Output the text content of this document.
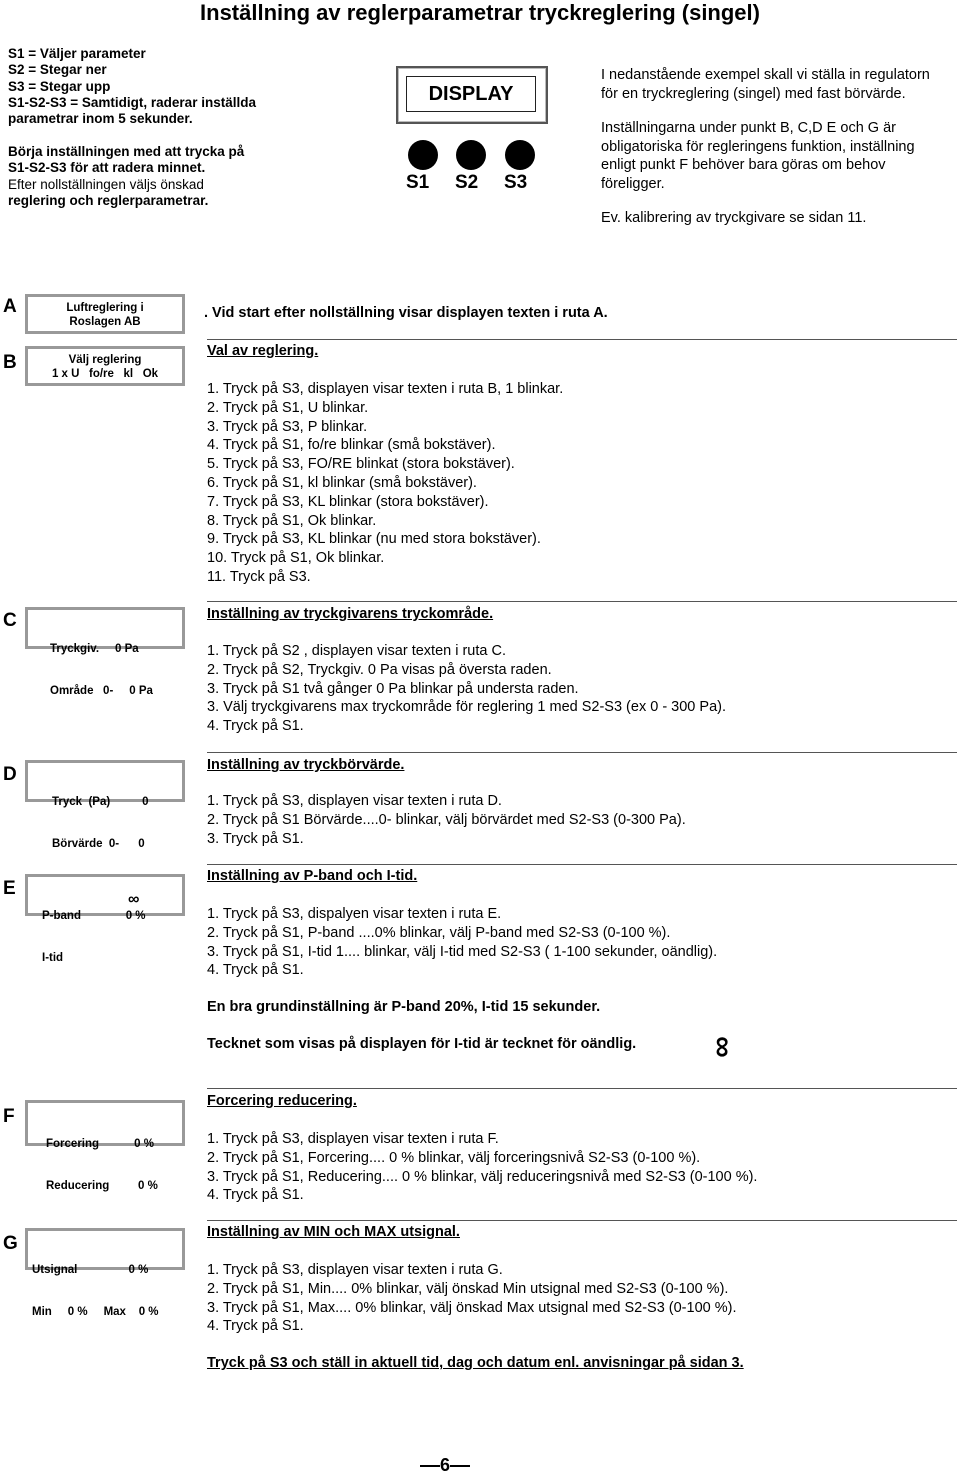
Inställning av reglerparametrar tryckreglering (singel)
S1 = Väljer parameter
S2 = Stegar ner
S3 = Stegar upp
S1-S2-S3 = Samtidigt, raderar inställda
parametrar inom 5 sekunder.
Börja inställningen med att trycka på
S1-S2-S3 för att radera minnet.
Efter nollställningen väljs önskad
reglering och reglerparametrar.
DISPLAY
S1 S2 S3

I nedanstående exempel skall vi ställa in regulatorn för en tryckreglering (singel) med fast börvärde.

Inställningarna under punkt B, C,D E och G är obligatoriska för regleringens funktion, inställning enligt punkt F behöver bara göras om behov föreligger.

Ev. kalibrering av tryckgivare se sidan 11.

A	Luftreglering i
Roslagen AB
. Vid start efter nollställning visar displayen texten i ruta A.
B	Välj reglering
1 x U   fo/re   kl   Ok
Val av reglering.
1. Tryck på S3, displayen visar texten i ruta B, 1 blinkar.
2. Tryck på S1, U blinkar.
3. Tryck på S3, P blinkar.
4. Tryck på S1, fo/re blinkar (små bokstäver).
5. Tryck på S3, FO/RE blinkat (stora bokstäver).
6. Tryck på S1, kl blinkar (små bokstäver).
7. Tryck på S3, KL blinkar (stora bokstäver).
8. Tryck på S1, Ok blinkar.
9. Tryck på S3, KL blinkar (nu med stora bokstäver).
10. Tryck på S1, Ok blinkar.
11. Tryck på S3.
C

Tryckgiv.     0 Pa

Område   0-     0 Pa

Inställning av tryckgivarens tryckområde.
1. Tryck på S2 , displayen visar texten i ruta C.
2. Tryck på S2, Tryckgiv. 0 Pa visas på översta raden.
3. Tryck på S1 två gånger 0 Pa blinkar på understa raden.
3. Välj tryckgivarens max tryckområde för reglering 1 med S2-S3 (ex 0 - 300 Pa).
4. Tryck på S1.
D

Tryck  (Pa)          0

Börvärde  0-      0

Inställning av tryckbörvärde.
1. Tryck på S3, displayen visar texten i ruta D.
2. Tryck på S1 Börvärde....0- blinkar, välj börvärdet med S2-S3 (0-300 Pa).
3. Tryck på S1.
E

P-band              0 %

I-tid
∞

Inställning av P-band och I-tid.
1. Tryck på S3, dispalyen visar texten i ruta E.
2. Tryck på S1, P-band ....0% blinkar, välj P-band med S2-S3 (0-100 %).
3. Tryck på S1, I-tid 1.... blinkar, välj I-tid med S2-S3 ( 1-100 sekunder, oändlig).
4. Tryck på S1.
En bra grundinställning är P-band 20%, I-tid 15 sekunder.
Tecknet som visas på displayen för I-tid är tecknet för oändlig. ∞
F

Forcering           0 %

Reducering         0 %

Forcering reducering.
1. Tryck på S3, displayen visar texten i ruta F.
2. Tryck på S1, Forcering.... 0 % blinkar, välj forceringsnivå S2-S3 (0-100 %).
3. Tryck på S1, Reducering.... 0 % blinkar, välj reduceringsnivå med S2-S3 (0-100 %).
4. Tryck på S1.
G

Utsignal                0 %

Min     0 %     Max    0 %

Inställning av MIN och MAX utsignal.
1. Tryck på S3, displayen visar texten i ruta G.
2. Tryck på S1, Min.... 0% blinkar, välj önskad Min utsignal med S2-S3 (0-100 %).
3. Tryck på S1, Max.... 0% blinkar, välj önskad Max utsignal med S2-S3 (0-100 %).
4. Tryck på S1.
Tryck på S3 och ställ in aktuell tid, dag och datum enl. anvisningar på sidan 3.
6
